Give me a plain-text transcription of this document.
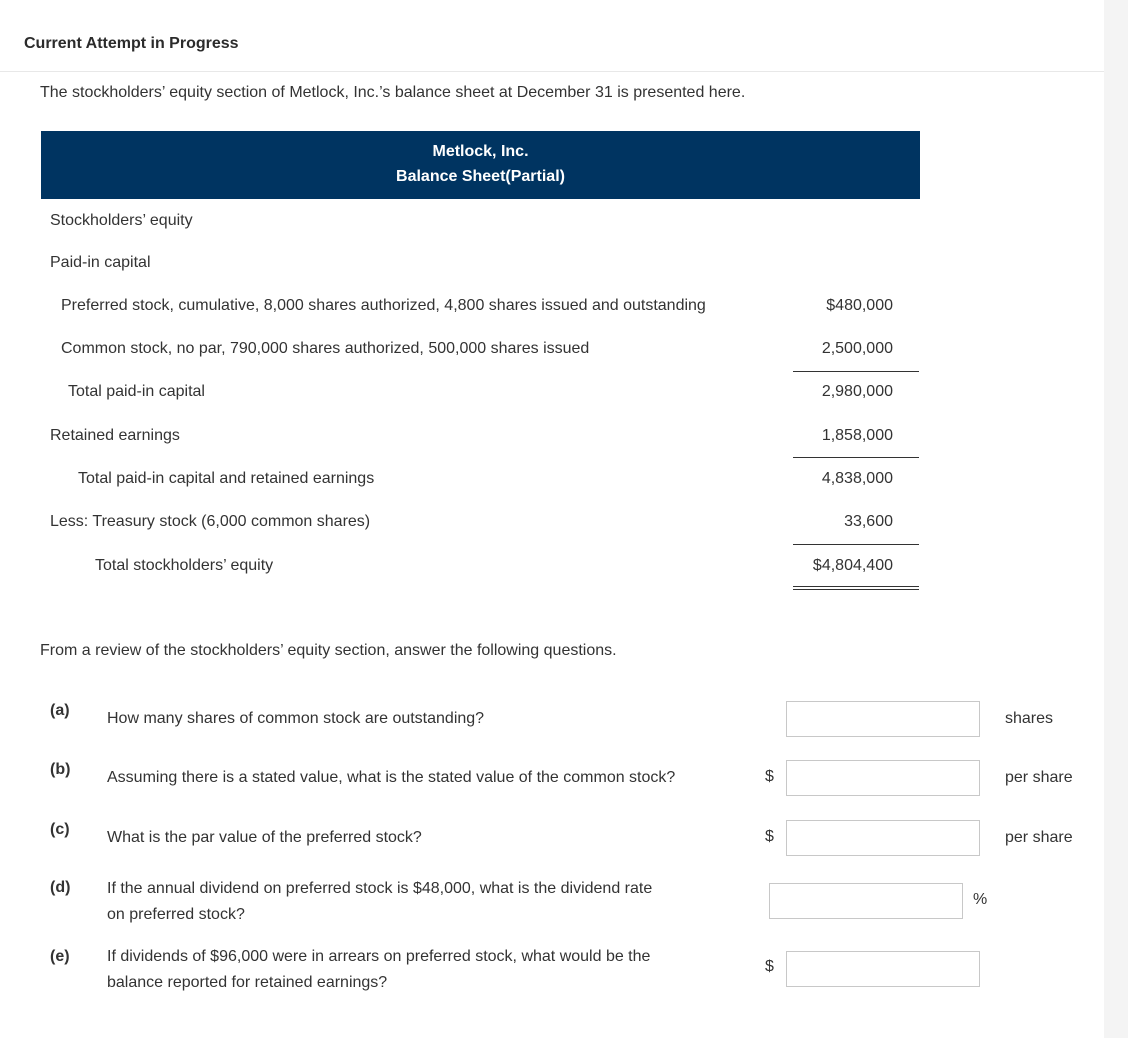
Current Attempt in Progress
The stockholders’ equity section of Metlock, Inc.’s balance sheet at December 31 is presented here.
Metlock, Inc.
Balance Sheet(Partial)
Stockholders’ equity
Paid-in capital
Preferred stock, cumulative, 8,000 shares authorized, 4,800 shares issued and outstanding	$480,000
Common stock, no par, 790,000 shares authorized, 500,000 shares issued	2,500,000
Total paid-in capital	2,980,000
Retained earnings	1,858,000
Total paid-in capital and retained earnings	4,838,000
Less: Treasury stock (6,000 common shares)	33,600
Total stockholders’ equity	$4,804,400
From a review of the stockholders’ equity section, answer the following questions.
(a) How many shares of common stock are outstanding?	shares
(b) Assuming there is a stated value, what is the stated value of the common stock?	$	per share
(c) What is the par value of the preferred stock?	$	per share
(d) If the annual dividend on preferred stock is $48,000, what is the dividend rate
on preferred stock?
%
(e) If dividends of $96,000 were in arrears on preferred stock, what would be the
balance reported for retained earnings?
$
